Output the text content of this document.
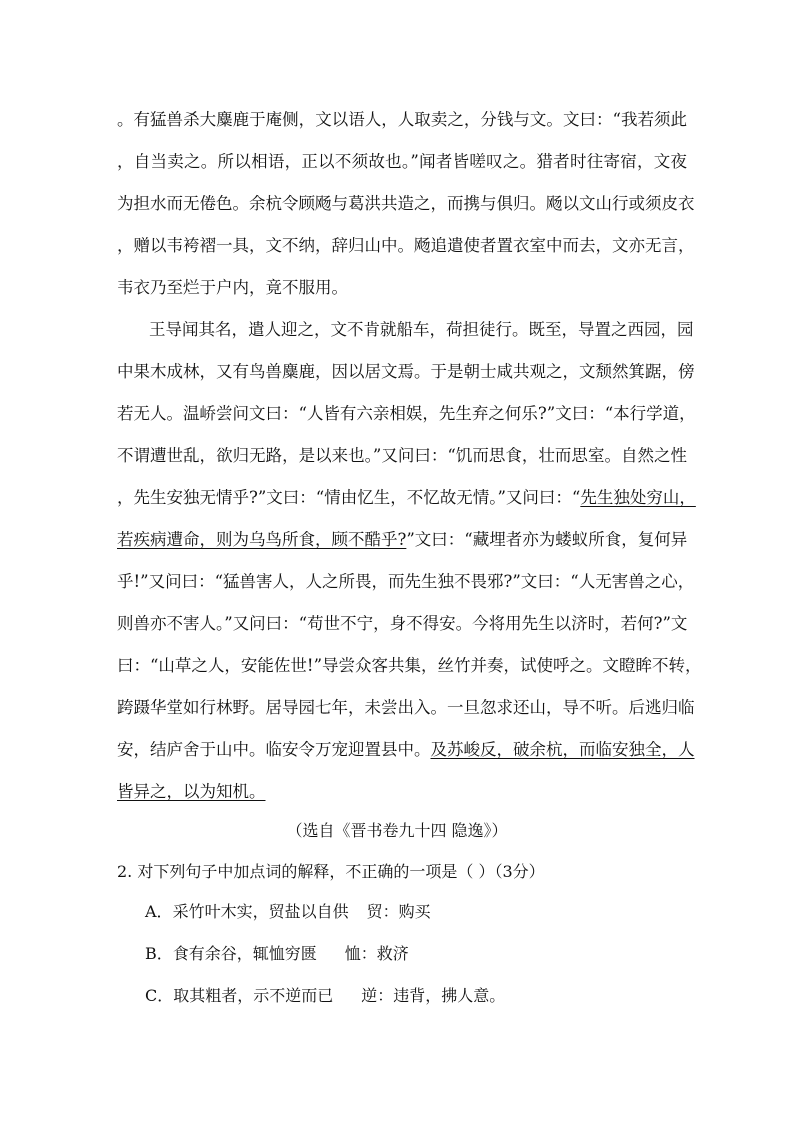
。有猛兽杀大麋鹿于庵侧，文以语人，人取卖之，分钱与文。文曰：“我若须此
，自当卖之。所以相语，正以不须故也。”闻者皆嗟叹之。猎者时往寄宿，文夜
为担水而无倦色。余杭令顾飏与葛洪共造之，而携与俱归。飏以文山行或须皮衣
，赠以韦袴褶一具，文不纳，辞归山中。飏追遣使者置衣室中而去，文亦无言，
韦衣乃至烂于户内，竟不服用。
王导闻其名，遣人迎之，文不肯就船车，荷担徒行。既至，导置之西园，园
中果木成林，又有鸟兽麋鹿，因以居文焉。于是朝士咸共观之，文颓然箕踞，傍
若无人。温峤尝问文曰：“人皆有六亲相娱，先生弃之何乐?”文曰：“本行学道，
不谓遭世乱，欲归无路，是以来也。”又问曰：“饥而思食，壮而思室。自然之性
，先生安独无情乎?”文曰：“情由忆生，不忆故无情。”又问曰：“先生独处穷山，
若疾病遭命，则为乌鸟所食，顾不酷乎?”文曰：“藏埋者亦为蝼蚁所食，复何异
乎!”又问曰：“猛兽害人，人之所畏，而先生独不畏邪?”文曰：“人无害兽之心，
则兽亦不害人。”又问曰：“苟世不宁，身不得安。今将用先生以济时，若何?”文
曰：“山草之人，安能佐世!”导尝众客共集，丝竹并奏，试使呼之。文瞪眸不转，
跨蹑华堂如行林野。居导园七年，未尝出入。一旦忽求还山，导不听。后逃归临
安，结庐舍于山中。临安令万宠迎置县中。及苏峻反，破余杭，而临安独全，人
皆异之，以为知机。
（选自《晋书卷九十四 隐逸》）
2. 对下列句子中加点词的解释，不正确的一项是（ ）（3分）
A．采竹叶木实，贸盐以自供 贸：购买
B．食有余谷，辄恤穷匮 恤：救济
C．取其粗者，示不逆而已 逆：违背，拂人意。
